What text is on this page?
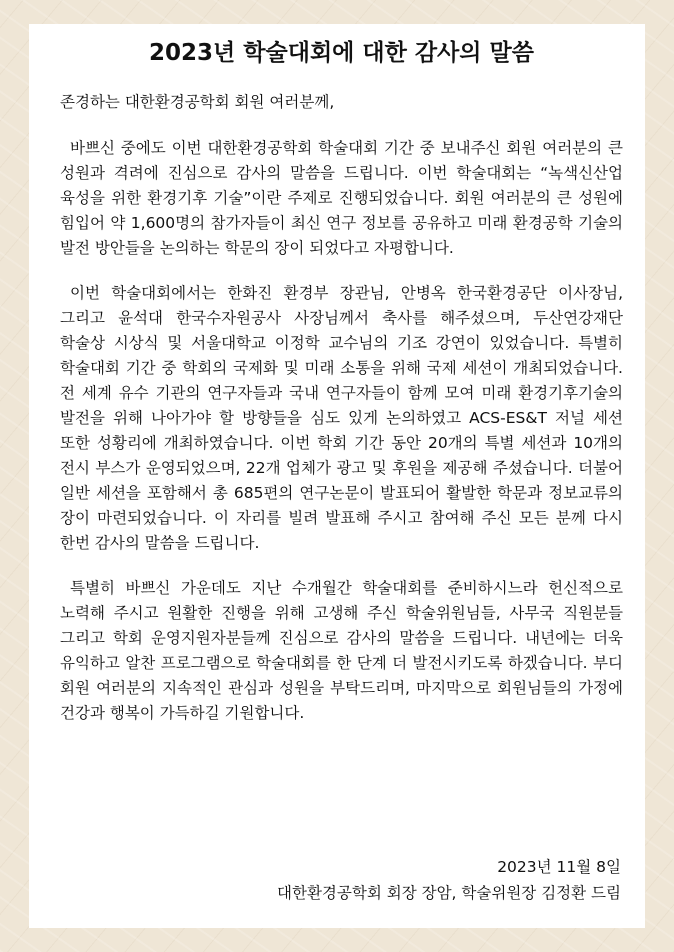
2023년 학술대회에 대한 감사의 말씀

존경하는 대한환경공학회 회원 여러분께,

바쁘신 중에도 이번 대한환경공학회 학술대회 기간 중 보내주신 회원 여러분의 큰 성원과 격려에 진심으로 감사의 말씀을 드립니다. 이번 학술대회는 “녹색신산업 육성을 위한 환경기후 기술”이란 주제로 진행되었습니다. 회원 여러분의 큰 성원에 힘입어 약 1,600명의 참가자들이 최신 연구 정보를 공유하고 미래 환경공학 기술의 발전 방안들을 논의하는 학문의 장이 되었다고 자평합니다.

이번 학술대회에서는 한화진 환경부 장관님, 안병옥 한국환경공단 이사장님, 그리고 윤석대 한국수자원공사 사장님께서 축사를 해주셨으며, 두산연강재단 학술상 시상식 및 서울대학교 이정학 교수님의 기조 강연이 있었습니다. 특별히 학술대회 기간 중 학회의 국제화 및 미래 소통을 위해 국제 세션이 개최되었습니다. 전 세계 유수 기관의 연구자들과 국내 연구자들이 함께 모여 미래 환경기후기술의 발전을 위해 나아가야 할 방향들을 심도 있게 논의하였고 ACS-ES&T 저널 세션 또한 성황리에 개최하였습니다. 이번 학회 기간 동안 20개의 특별 세션과 10개의 전시 부스가 운영되었으며, 22개 업체가 광고 및 후원을 제공해 주셨습니다. 더불어 일반 세션을 포함해서 총 685편의 연구논문이 발표되어 활발한 학문과 정보교류의 장이 마련되었습니다. 이 자리를 빌려 발표해 주시고 참여해 주신 모든 분께 다시 한번 감사의 말씀을 드립니다.

특별히 바쁘신 가운데도 지난 수개월간 학술대회를 준비하시느라 헌신적으로 노력해 주시고 원활한 진행을 위해 고생해 주신 학술위원님들, 사무국 직원분들 그리고 학회 운영지원자분들께 진심으로 감사의 말씀을 드립니다. 내년에는 더욱 유익하고 알찬 프로그램으로 학술대회를 한 단계 더 발전시키도록 하겠습니다. 부디 회원 여러분의 지속적인 관심과 성원을 부탁드리며, 마지막으로 회원님들의 가정에 건강과 행복이 가득하길 기원합니다.

2023년 11월 8일
대한환경공학회 회장 장암, 학술위원장 김정환 드림
